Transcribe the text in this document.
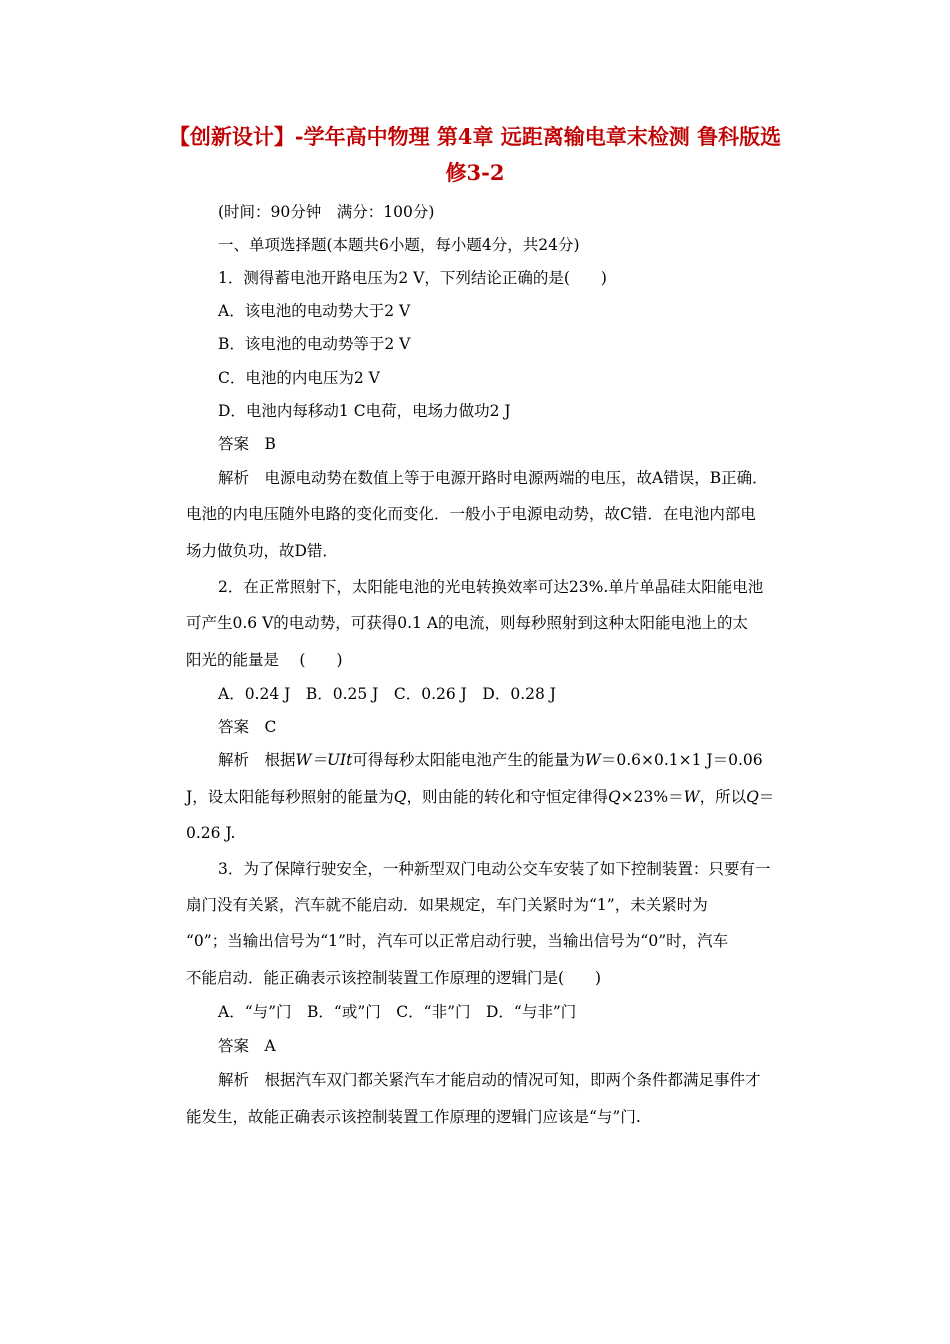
【创新设计】-学年高中物理 第4章 远距离输电章末检测 鲁科版选
修3-2
(时间：90分钟　满分：100分)
一、单项选择题(本题共6小题，每小题4分，共24分)
1．测得蓄电池开路电压为2 V，下列结论正确的是(　　)
A．该电池的电动势大于2 V
B．该电池的电动势等于2 V
C．电池的内电压为2 V
D．电池内每移动1 C电荷，电场力做功2 J
答案　B
解析　电源电动势在数值上等于电源开路时电源两端的电压，故A错误，B正确．
电池的内电压随外电路的变化而变化．一般小于电源电动势，故C错．在电池内部电
场力做负功，故D错．
2．在正常照射下，太阳能电池的光电转换效率可达23%.单片单晶硅太阳能电池
可产生0.6 V的电动势，可获得0.1 A的电流，则每秒照射到这种太阳能电池上的太
阳光的能量是　 (　　)
A．0.24 J　B．0.25 J　C．0.26 J　D．0.28 J
答案　C
解析　根据W＝UIt可得每秒太阳能电池产生的能量为W＝0.6×0.1×1 J＝0.06
J，设太阳能每秒照射的能量为Q，则由能的转化和守恒定律得Q×23%＝W，所以Q＝
0.26 J.
3．为了保障行驶安全，一种新型双门电动公交车安装了如下控制装置：只要有一
扇门没有关紧，汽车就不能启动．如果规定，车门关紧时为“1”，未关紧时为
“0”；当输出信号为“1”时，汽车可以正常启动行驶，当输出信号为“0”时，汽车
不能启动．能正确表示该控制装置工作原理的逻辑门是(　　)
A．“与”门　B．“或”门　C．“非”门　D．“与非”门
答案　A
解析　根据汽车双门都关紧汽车才能启动的情况可知，即两个条件都满足事件才
能发生，故能正确表示该控制装置工作原理的逻辑门应该是“与”门.
